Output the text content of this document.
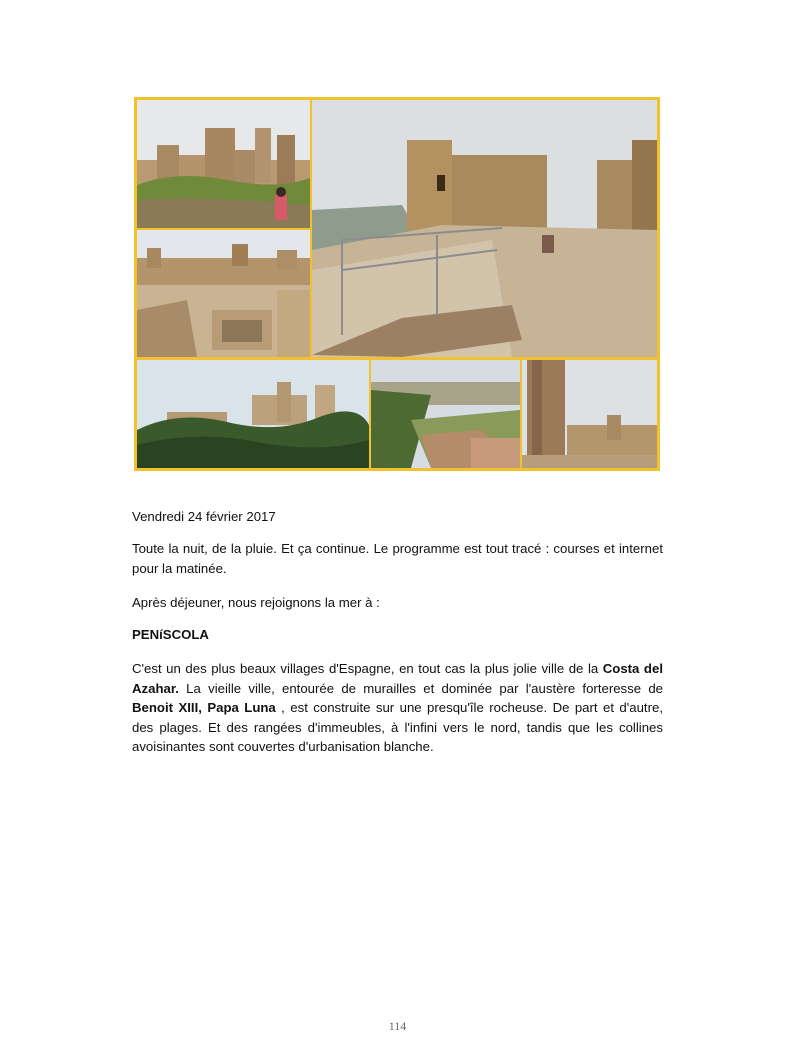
Vendredi 24 février 2017
Toute la nuit, de la pluie. Et ça continue. Le programme est tout tracé : courses et internet pour la matinée.
Après déjeuner, nous rejoignons la mer à :
PENíSCOLA
C'est un des plus beaux villages d'Espagne, en tout cas la plus jolie ville de la Costa del Azahar. La vieille ville, entourée de murailles et dominée par l'austère forteresse de Benoit XIII, Papa Luna , est construite sur une presqu'île rocheuse. De part et d'autre, des plages. Et des rangées d'immeubles, à l'infini vers le nord, tandis que les collines avoisinantes sont couvertes d'urbanisation blanche.
114
